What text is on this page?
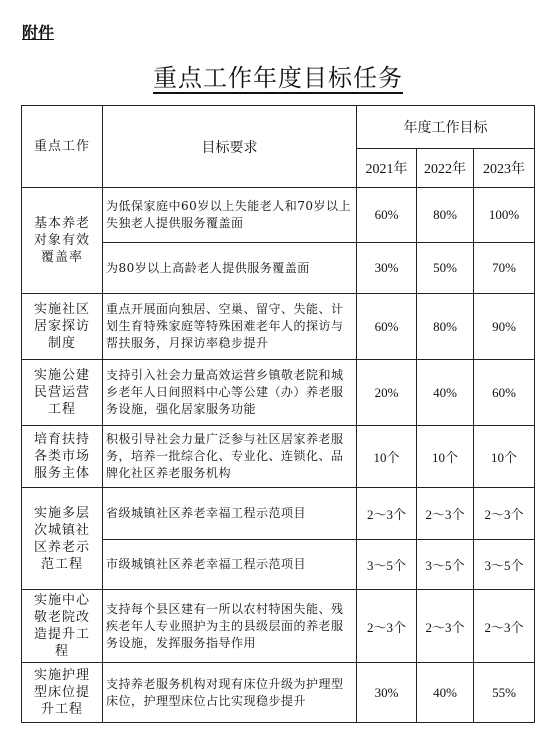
附件
重点工作年度目标任务
重点工作	目标要求	年度工作目标		
		2021年	2022年	2023年
基本养老对象有效覆盖率	为低保家庭中60岁以上失能老人和70岁以上失独老人提供服务覆盖面	60%	80%	100%
	为80岁以上高龄老人提供服务覆盖面	30%	50%	70%
实施社区居家探访制度	重点开展面向独居、空巢、留守、失能、计划生育特殊家庭等特殊困难老年人的探访与帮扶服务，月探访率稳步提升	60%	80%	90%
实施公建民营运营工程	支持引入社会力量高效运营乡镇敬老院和城乡老年人日间照料中心等公建（办）养老服务设施，强化居家服务功能	20%	40%	60%
培育扶持各类市场服务主体	积极引导社会力量广泛参与社区居家养老服务，培养一批综合化、专业化、连锁化、品牌化社区养老服务机构	10个	10个	10个
实施多层次城镇社区养老示范工程	省级城镇社区养老幸福工程示范项目	2～3个	2～3个	2～3个
	市级城镇社区养老幸福工程示范项目	3～5个	3～5个	3～5个
实施中心敬老院改造提升工程	支持每个县区建有一所以农村特困失能、残疾老年人专业照护为主的县级层面的养老服务设施，发挥服务指导作用	2～3个	2～3个	2～3个
实施护理型床位提升工程	支持养老服务机构对现有床位升级为护理型床位，护理型床位占比实现稳步提升	30%	40%	55%
